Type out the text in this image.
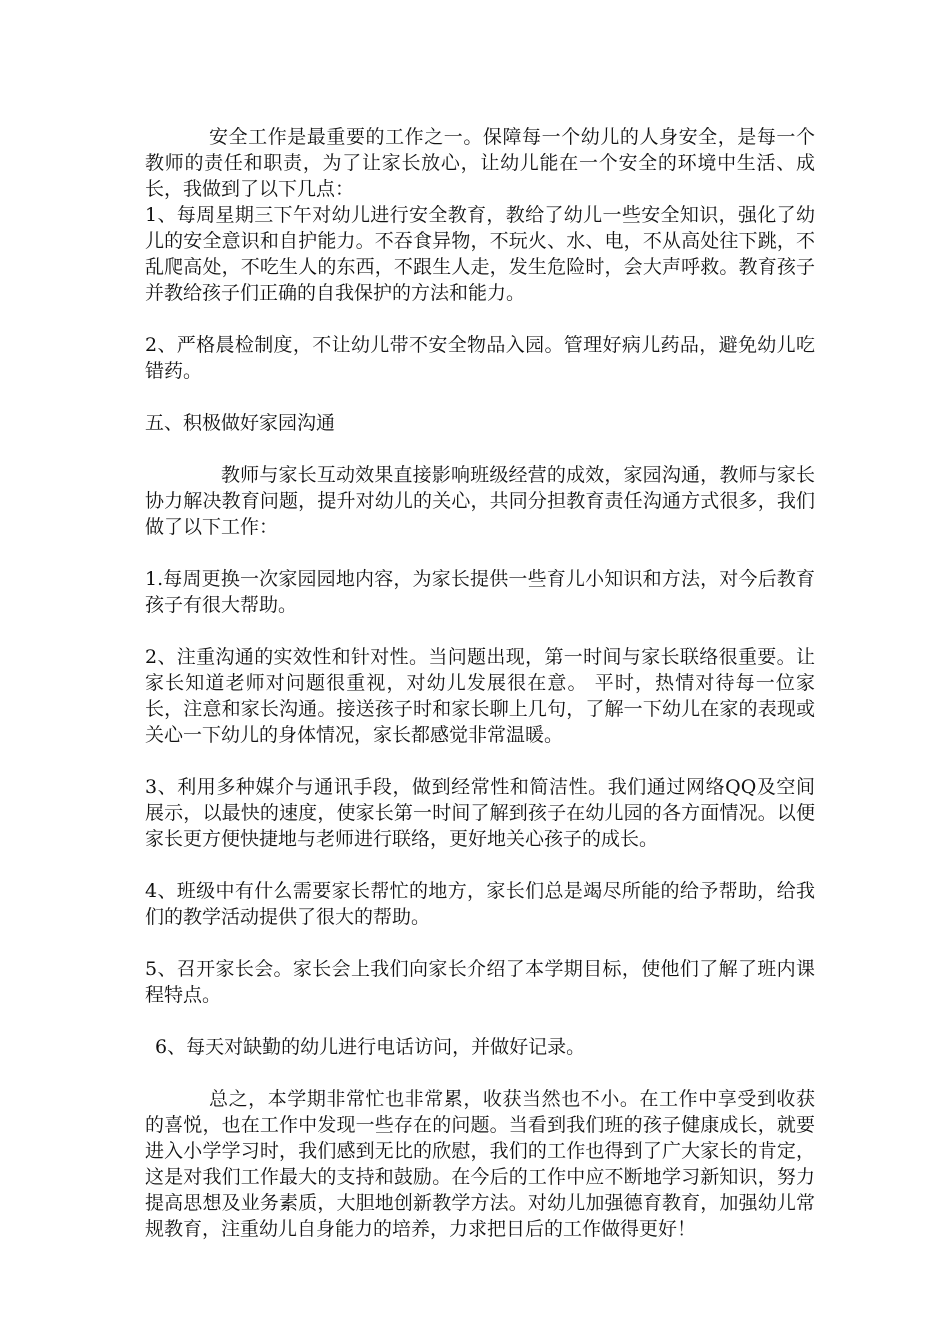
安全工作是最重要的工作之一。保障每一个幼儿的人身安全，是每一个教师的责任和职责，为了让家长放心，让幼儿能在一个安全的环境中生活、成长，我做到了以下几点：

1、每周星期三下午对幼儿进行安全教育，教给了幼儿一些安全知识，强化了幼儿的安全意识和自护能力。不吞食异物，不玩火、水、电，不从高处往下跳，不乱爬高处，不吃生人的东西，不跟生人走，发生危险时，会大声呼救。教育孩子并教给孩子们正确的自我保护的方法和能力。

2、严格晨检制度，不让幼儿带不安全物品入园。管理好病儿药品，避免幼儿吃错药。

五、积极做好家园沟通

教师与家长互动效果直接影响班级经营的成效，家园沟通，教师与家长协力解决教育问题，提升对幼儿的关心，共同分担教育责任沟通方式很多，我们做了以下工作：

1.每周更换一次家园园地内容，为家长提供一些育儿小知识和方法，对今后教育孩子有很大帮助。

2、注重沟通的实效性和针对性。当问题出现，第一时间与家长联络很重要。让家长知道老师对问题很重视，对幼儿发展很在意。 平时，热情对待每一位家长，注意和家长沟通。接送孩子时和家长聊上几句，了解一下幼儿在家的表现或关心一下幼儿的身体情况，家长都感觉非常温暖。

3、利用多种媒介与通讯手段，做到经常性和简洁性。我们通过网络QQ及空间展示，以最快的速度，使家长第一时间了解到孩子在幼儿园的各方面情况。以便家长更方便快捷地与老师进行联络，更好地关心孩子的成长。

4、班级中有什么需要家长帮忙的地方，家长们总是竭尽所能的给予帮助，给我们的教学活动提供了很大的帮助。

5、召开家长会。家长会上我们向家长介绍了本学期目标，使他们了解了班内课程特点。

6、每天对缺勤的幼儿进行电话访问，并做好记录。

总之，本学期非常忙也非常累，收获当然也不小。在工作中享受到收获的喜悦，也在工作中发现一些存在的问题。当看到我们班的孩子健康成长，就要进入小学学习时，我们感到无比的欣慰，我们的工作也得到了广大家长的肯定，这是对我们工作最大的支持和鼓励。在今后的工作中应不断地学习新知识，努力提高思想及业务素质，大胆地创新教学方法。对幼儿加强德育教育，加强幼儿常规教育，注重幼儿自身能力的培养，力求把日后的工作做得更好！
